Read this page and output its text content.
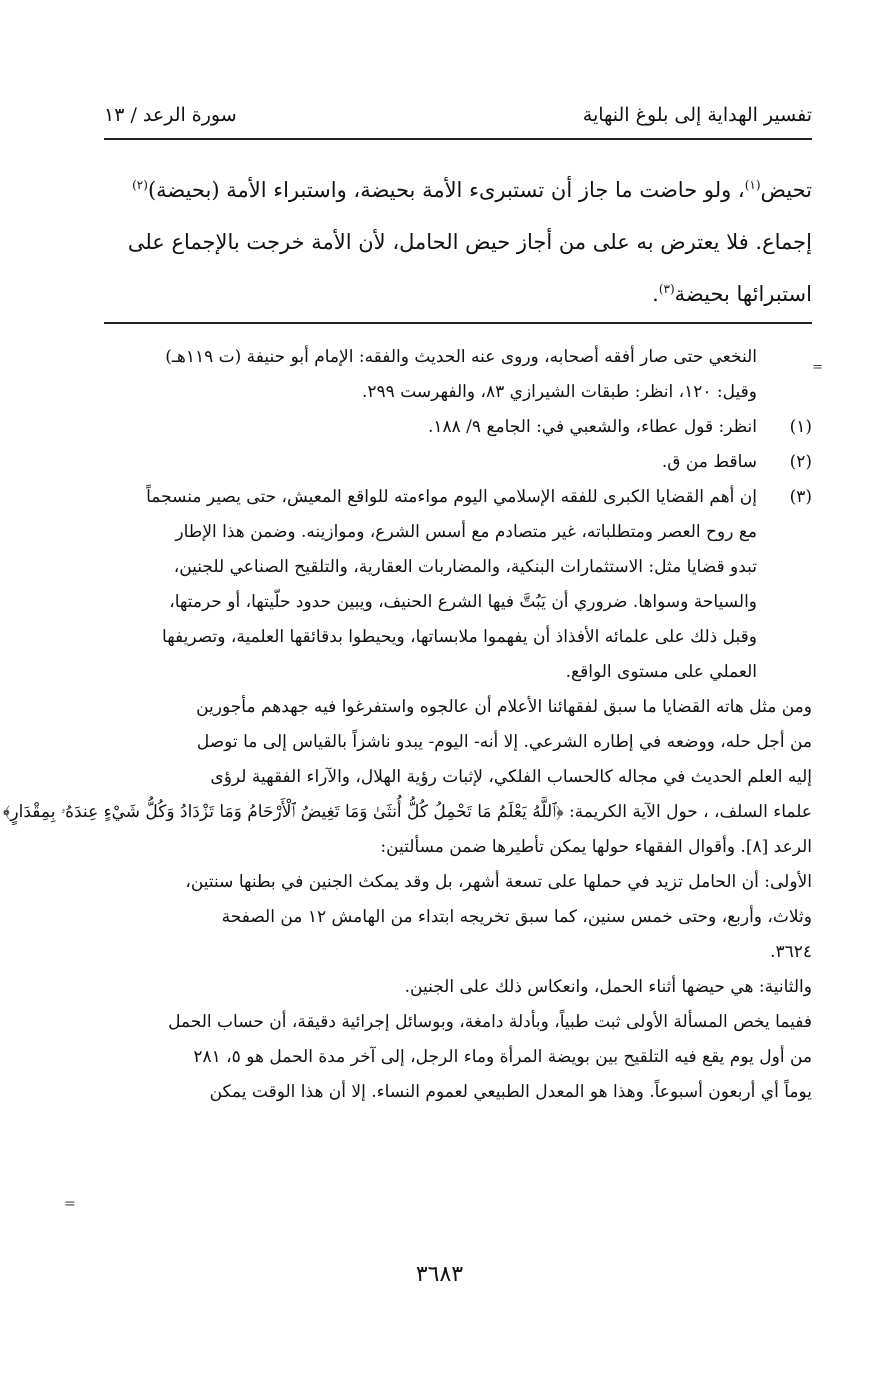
تفسير الهداية إلى بلوغ النهاية
سورة الرعد / ١٣
تحيض$^{(١)}$، ولو حاضت ما جاز أن تستبرىء الأمة بحيضة، واستبراء الأمة (بحيضة)$^{(٢)}$
إجماع. فلا يعترض به على من أجاز حيض الحامل، لأن الأمة خرجت بالإجماع على
استبرائها بحيضة$^{(٣)}$.
=
النخعي حتى صار أفقه أصحابه، وروى عنه الحديث والفقه: الإمام أبو حنيفة (ت ١١٩هـ)
وقيل: ١٢٠، انظر: طبقات الشيرازي ٨٣، والفهرست ٢٩٩.
(١)
انظر: قول عطاء، والشعبي في: الجامع ٩/ ١٨٨.
(٢)
ساقط من ق.
(٣)
إن أهم القضايا الكبرى للفقه الإسلامي اليوم مواءمته للواقع المعيش، حتى يصير منسجماً
مع روح العصر ومتطلباته، غير متصادم مع أسس الشرع، وموازينه. وضمن هذا الإطار
تبدو قضايا مثل: الاستثمارات البنكية، والمضاربات العقارية، والتلقيح الصناعي للجنين،
والسياحة وسواها. ضروري أن يَبُتَّ فيها الشرع الحنيف، ويبين حدود حلّيتها، أو حرمتها،
وقبل ذلك على علمائه الأفذاذ أن يفهموا ملابساتها، ويحيطوا بدقائقها العلمية، وتصريفها
العملي على مستوى الواقع.
ومن مثل هاته القضايا ما سبق لفقهائنا الأعلام أن عالجوه واستفرغوا فيه جهدهم مأجورين
من أجل حله، ووضعه في إطاره الشرعي. إلا أنه- اليوم- يبدو ناشزاً بالقياس إلى ما توصل
إليه العلم الحديث في مجاله كالحساب الفلكي، لإثبات رؤية الهلال، والآراء الفقهية لرؤى
علماء السلف، ، حول الآية الكريمة: ﴿ٱللَّهُ يَعْلَمُ مَا تَحْمِلُ كُلُّ أُنثَىٰ وَمَا تَغِيضُ ٱلْأَرْحَامُ وَمَا تَزْدَادُ وَكُلُّ شَيْءٍ عِندَهُۥ بِمِقْدَارٍ﴾
الرعد [٨]. وأقوال الفقهاء حولها يمكن تأطيرها ضمن مسألتين:
الأولى: أن الحامل تزيد في حملها على تسعة أشهر، بل وقد يمكث الجنين في بطنها سنتين،
وثلاث، وأربع، وحتى خمس سنين، كما سبق تخريجه ابتداء من الهامش ١٢ من الصفحة
٣٦٢٤.
والثانية: هي حيضها أثناء الحمل، وانعكاس ذلك على الجنين.
ففيما يخص المسألة الأولى ثبت طبياً، وبأدلة دامغة، وبوسائل إجرائية دقيقة، أن حساب الحمل
من أول يوم يقع فيه التلقيح بين بويضة المرأة وماء الرجل، إلى آخر مدة الحمل هو ٥، ٢٨١
يوماً أي أربعون أسبوعاً. وهذا هو المعدل الطبيعي لعموم النساء. إلا أن هذا الوقت يمكن
=
٣٦٨٣
